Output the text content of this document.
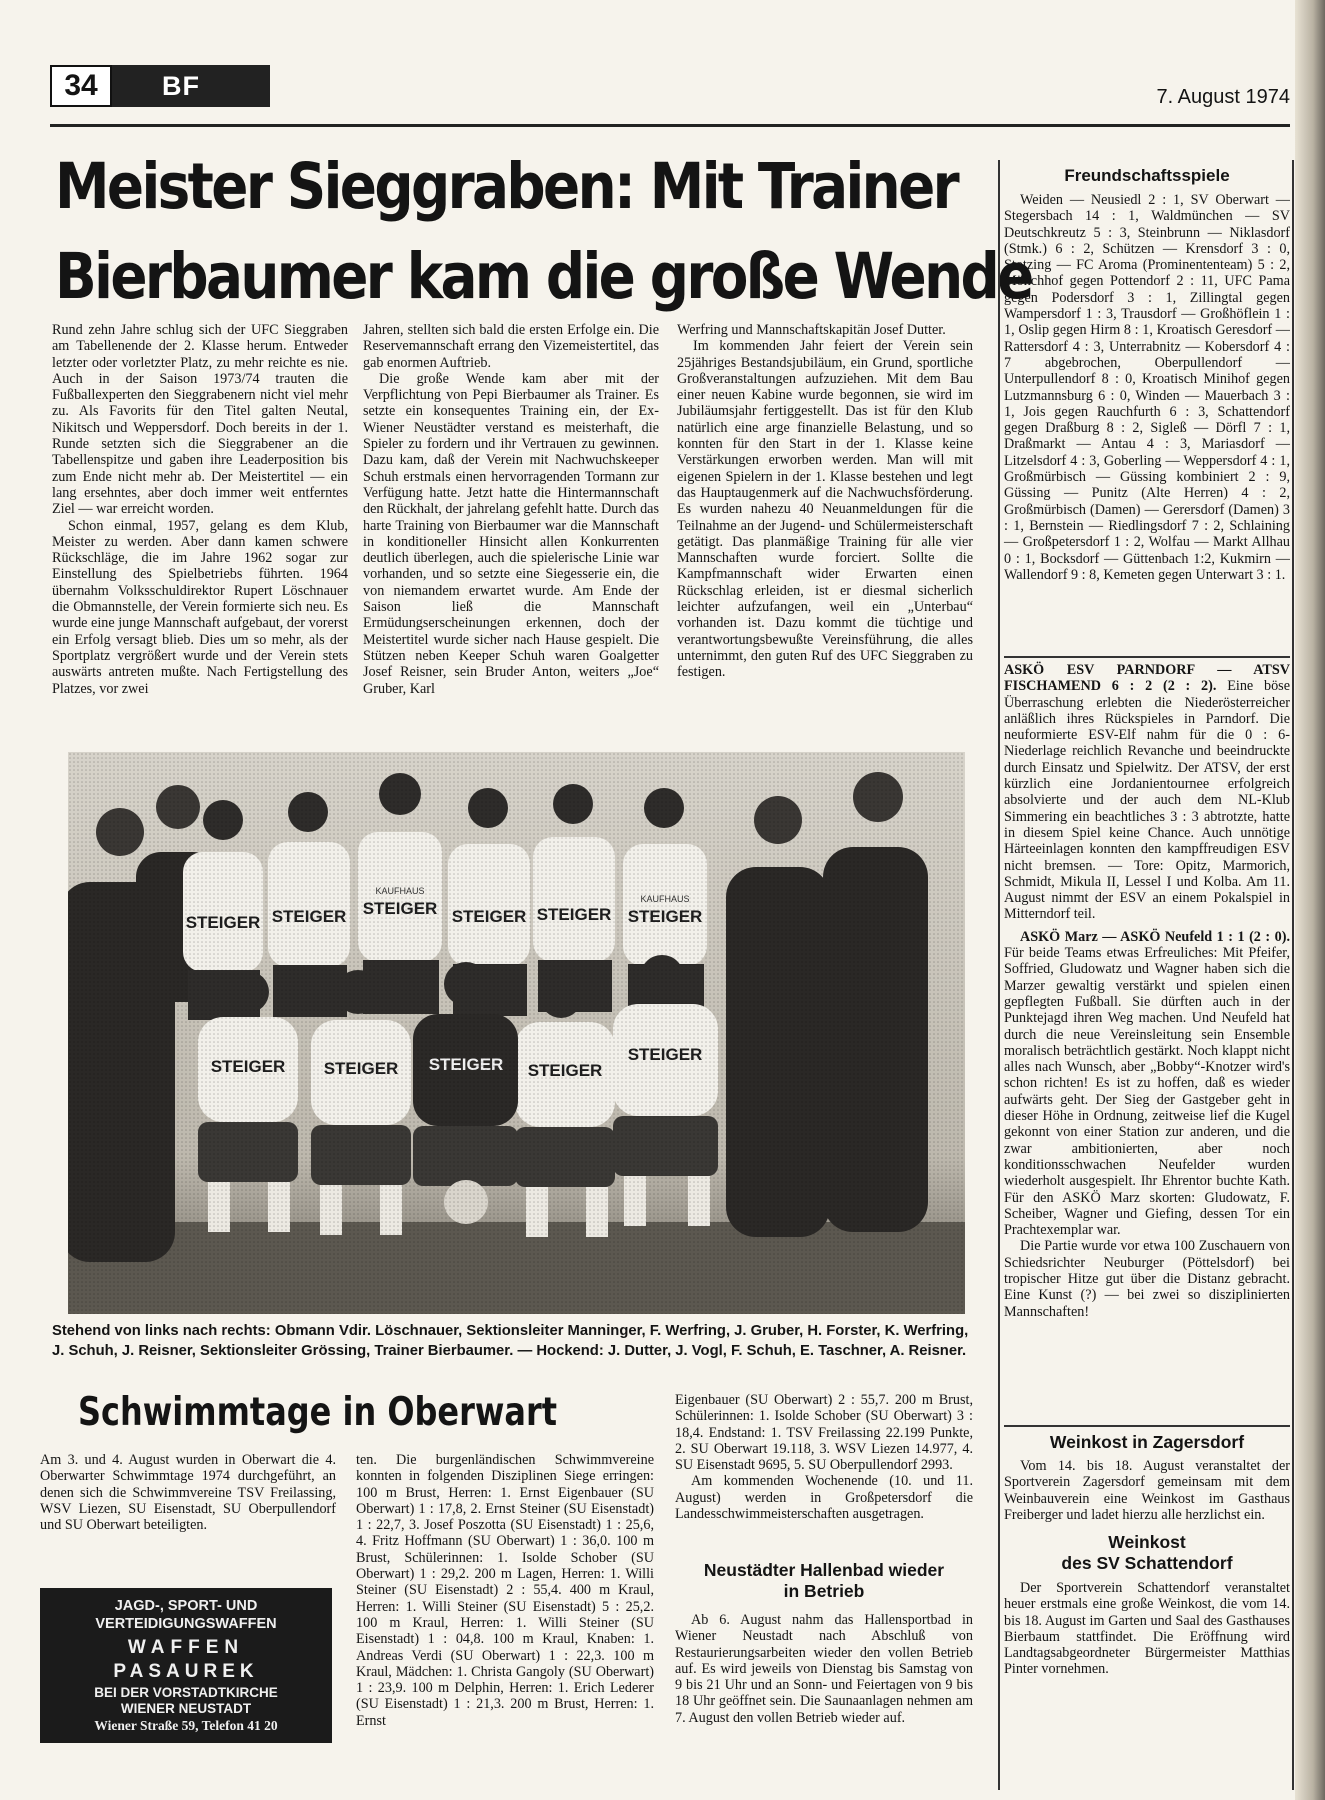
34	BF	7. August 1974
Meister Sieggraben: Mit Trainer
Bierbaumer kam die große Wende

Rund zehn Jahre schlug sich der UFC Sieggraben am Tabellenende der 2. Klasse herum. Entweder letzter oder vorletzter Platz, zu mehr reichte es nie. Auch in der Saison 1973/74 trauten die Fußballexperten den Sieggrabenern nicht viel mehr zu. Als Favorits für den Titel galten Neutal, Nikitsch und Weppersdorf. Doch bereits in der 1. Runde setzten sich die Sieggrabener an die Tabellenspitze und gaben ihre Leaderposition bis zum Ende nicht mehr ab. Der Meistertitel — ein lang ersehntes, aber doch immer weit entferntes Ziel — war erreicht worden.

Schon einmal, 1957, gelang es dem Klub, Meister zu werden. Aber dann kamen schwere Rückschläge, die im Jahre 1962 sogar zur Einstellung des Spielbetriebs führten. 1964 übernahm Volksschuldirektor Rupert Löschnauer die Obmannstelle, der Verein formierte sich neu. Es wurde eine junge Mannschaft aufgebaut, der vorerst ein Erfolg versagt blieb. Dies um so mehr, als der Sportplatz vergrößert wurde und der Verein stets auswärts antreten mußte. Nach Fertigstellung des Platzes, vor zwei

Jahren, stellten sich bald die ersten Erfolge ein. Die Reservemannschaft errang den Vizemeistertitel, das gab enormen Auftrieb.

Die große Wende kam aber mit der Verpflichtung von Pepi Bierbaumer als Trainer. Es setzte ein konsequentes Training ein, der Ex-Wiener Neustädter verstand es meisterhaft, die Spieler zu fordern und ihr Vertrauen zu gewinnen. Dazu kam, daß der Verein mit Nachwuchskeeper Schuh erstmals einen hervorragenden Tormann zur Verfügung hatte. Jetzt hatte die Hintermannschaft den Rückhalt, der jahrelang gefehlt hatte. Durch das harte Training von Bierbaumer war die Mannschaft in konditioneller Hinsicht allen Konkurrenten deutlich überlegen, auch die spielerische Linie war vorhanden, und so setzte eine Siegesserie ein, die von niemandem erwartet wurde. Am Ende der Saison ließ die Mannschaft Ermüdungserscheinungen erkennen, doch der Meistertitel wurde sicher nach Hause gespielt. Die Stützen neben Keeper Schuh waren Goalgetter Josef Reisner, sein Bruder Anton, weiters „Joe“ Gruber, Karl

Werfring und Mannschaftskapitän Josef Dutter.

Im kommenden Jahr feiert der Verein sein 25jähriges Bestandsjubiläum, ein Grund, sportliche Großveranstaltungen aufzuziehen. Mit dem Bau einer neuen Kabine wurde begonnen, sie wird im Jubiläumsjahr fertiggestellt. Das ist für den Klub natürlich eine arge finanzielle Belastung, und so konnten für den Start in der 1. Klasse keine Verstärkungen erworben werden. Man will mit eigenen Spielern in der 1. Klasse bestehen und legt das Hauptaugenmerk auf die Nachwuchsförderung. Es wurden nahezu 40 Neuanmeldungen für die Teilnahme an der Jugend- und Schülermeisterschaft getätigt. Das planmäßige Training für alle vier Mannschaften wurde forciert. Sollte die Kampfmannschaft wider Erwarten einen Rückschlag erleiden, ist er diesmal sicherlich leichter aufzufangen, weil ein „Unterbau“ vorhanden ist. Dazu kommt die tüchtige und verantwortungsbewußte Vereinsführung, die alles unternimmt, den guten Ruf des UFC Sieggraben zu festigen.

Stehend von links nach rechts: Obmann Vdir. Löschnauer, Sektionsleiter Manninger, F. Werfring, J. Gruber, H. Forster, K. Werfring, J. Schuh, J. Reisner, Sektionsleiter Grössing, Trainer Bierbaumer. — Hockend: J. Dutter, J. Vogl, F. Schuh, E. Taschner, A. Reisner.
Schwimmtage in Oberwart

Am 3. und 4. August wurden in Oberwart die 4. Oberwarter Schwimmtage 1974 durchgeführt, an denen sich die Schwimmvereine TSV Freilassing, WSV Liezen, SU Eisenstadt, SU Oberpullendorf und SU Oberwart beteiligten.

ten. Die burgenländischen Schwimmvereine konnten in folgenden Disziplinen Siege erringen: 100 m Brust, Herren: 1. Ernst Eigenbauer (SU Oberwart) 1 : 17,8, 2. Ernst Steiner (SU Eisenstadt) 1 : 22,7, 3. Josef Poszotta (SU Eisenstadt) 1 : 25,6, 4. Fritz Hoffmann (SU Oberwart) 1 : 36,0. 100 m Brust, Schülerinnen: 1. Isolde Schober (SU Oberwart) 1 : 29,2. 200 m Lagen, Herren: 1. Willi Steiner (SU Eisenstadt) 2 : 55,4. 400 m Kraul, Herren: 1. Willi Steiner (SU Eisenstadt) 5 : 25,2. 100 m Kraul, Herren: 1. Willi Steiner (SU Eisenstadt) 1 : 04,8. 100 m Kraul, Knaben: 1. Andreas Verdi (SU Oberwart) 1 : 22,3. 100 m Kraul, Mädchen: 1. Christa Gangoly (SU Oberwart) 1 : 23,9. 100 m Delphin, Herren: 1. Erich Lederer (SU Eisenstadt) 1 : 21,3. 200 m Brust, Herren: 1. Ernst

Eigenbauer (SU Oberwart) 2 : 55,7. 200 m Brust, Schülerinnen: 1. Isolde Schober (SU Oberwart) 3 : 18,4. Endstand: 1. TSV Freilassing 22.199 Punkte, 2. SU Oberwart 19.118, 3. WSV Liezen 14.977, 4. SU Eisenstadt 9695, 5. SU Oberpullendorf 2993.

Am kommenden Wochenende (10. und 11. August) werden in Großpetersdorf die Landesschwimmeisterschaften ausgetragen.

Neustädter Hallenbad wieder
in Betrieb

Ab 6. August nahm das Hallensportbad in Wiener Neustadt nach Abschluß von Restaurierungsarbeiten wieder den vollen Betrieb auf. Es wird jeweils von Dienstag bis Samstag von 9 bis 21 Uhr und an Sonn- und Feiertagen von 9 bis 18 Uhr geöffnet sein. Die Saunaanlagen nehmen am 7. August den vollen Betrieb wieder auf.

JAGD-, SPORT- UND
VERTEIDIGUNGSWAFFEN
WAFFEN
PASAUREK
BEI DER VORSTADTKIRCHE
WIENER NEUSTADT
Wiener Straße 59, Telefon 41 20
Freundschaftsspiele

Weiden — Neusiedl 2 : 1, SV Oberwart — Stegersbach 14 : 1, Waldmünchen — SV Deutschkreutz 5 : 3, Steinbrunn — Niklasdorf (Stmk.) 6 : 2, Schützen — Krensdorf 3 : 0, Stotzing — FC Aroma (Prominententeam) 5 : 2, Mönchhof gegen Pottendorf 2 : 11, UFC Pama gegen Podersdorf 3 : 1, Zillingtal gegen Wampersdorf 1 : 3, Trausdorf — Großhöflein 1 : 1, Oslip gegen Hirm 8 : 1, Kroatisch Geresdorf — Rattersdorf 4 : 3, Unterrabnitz — Kobersdorf 4 : 7 abgebrochen, Oberpullendorf — Unterpullendorf 8 : 0, Kroatisch Minihof gegen Lutzmannsburg 6 : 0, Winden — Mauerbach 3 : 1, Jois gegen Rauchfurth 6 : 3, Schattendorf gegen Draßburg 8 : 2, Sigleß — Dörfl 7 : 1, Draßmarkt — Antau 4 : 3, Mariasdorf — Litzelsdorf 4 : 3, Goberling — Weppersdorf 4 : 1, Großmürbisch — Güssing kombiniert 2 : 9, Güssing — Punitz (Alte Herren) 4 : 2, Großmürbisch (Damen) — Gerersdorf (Damen) 3 : 1, Bernstein — Riedlingsdorf 7 : 2, Schlaining — Großpetersdorf 1 : 2, Wolfau — Markt Allhau 0 : 1, Bocksdorf — Güttenbach 1:2, Kukmirn — Wallendorf 9 : 8, Kemeten gegen Unterwart 3 : 1.

ASKÖ ESV PARNDORF — ATSV FISCHAMEND 6 : 2 (2 : 2). Eine böse Überraschung erlebten die Niederösterreicher anläßlich ihres Rückspieles in Parndorf. Die neuformierte ESV-Elf nahm für die 0 : 6-Niederlage reichlich Revanche und beeindruckte durch Einsatz und Spielwitz. Der ATSV, der erst kürzlich eine Jordanientournee erfolgreich absolvierte und der auch dem NL-Klub Simmering ein beachtliches 3 : 3 abtrotzte, hatte in diesem Spiel keine Chance. Auch unnötige Härteeinlagen konnten den kampffreudigen ESV nicht bremsen. — Tore: Opitz, Marmorich, Schmidt, Mikula II, Lessel I und Kolba. Am 11. August nimmt der ESV an einem Pokalspiel in Mitterndorf teil.

ASKÖ Marz — ASKÖ Neufeld 1 : 1 (2 : 0). Für beide Teams etwas Erfreuliches: Mit Pfeifer, Soffried, Gludowatz und Wagner haben sich die Marzer gewaltig verstärkt und spielen einen gepflegten Fußball. Sie dürften auch in der Punktejagd ihren Weg machen. Und Neufeld hat durch die neue Vereinsleitung sein Ensemble moralisch beträchtlich gestärkt. Noch klappt nicht alles nach Wunsch, aber „Bobby“-Knotzer wird's schon richten! Es ist zu hoffen, daß es wieder aufwärts geht. Der Sieg der Gastgeber geht in dieser Höhe in Ordnung, zeitweise lief die Kugel gekonnt von einer Station zur anderen, und die zwar ambitionierten, aber noch konditionsschwachen Neufelder wurden wiederholt ausgespielt. Ihr Ehrentor buchte Kath. Für den ASKÖ Marz skorten: Gludowatz, F. Scheiber, Wagner und Giefing, dessen Tor ein Prachtexemplar war.

Die Partie wurde vor etwa 100 Zuschauern von Schiedsrichter Neuburger (Pöttelsdorf) bei tropischer Hitze gut über die Distanz gebracht. Eine Kunst (?) — bei zwei so disziplinierten Mannschaften!

Weinkost in Zagersdorf

Vom 14. bis 18. August veranstaltet der Sportverein Zagersdorf gemeinsam mit dem Weinbauverein eine Weinkost im Gasthaus Freiberger und ladet hierzu alle herzlichst ein.

Weinkost
des SV Schattendorf

Der Sportverein Schattendorf veranstaltet heuer erstmals eine große Weinkost, die vom 14. bis 18. August im Garten und Saal des Gasthauses Bierbaum stattfindet. Die Eröffnung wird Landtagsabgeordneter Bürgermeister Matthias Pinter vornehmen.
